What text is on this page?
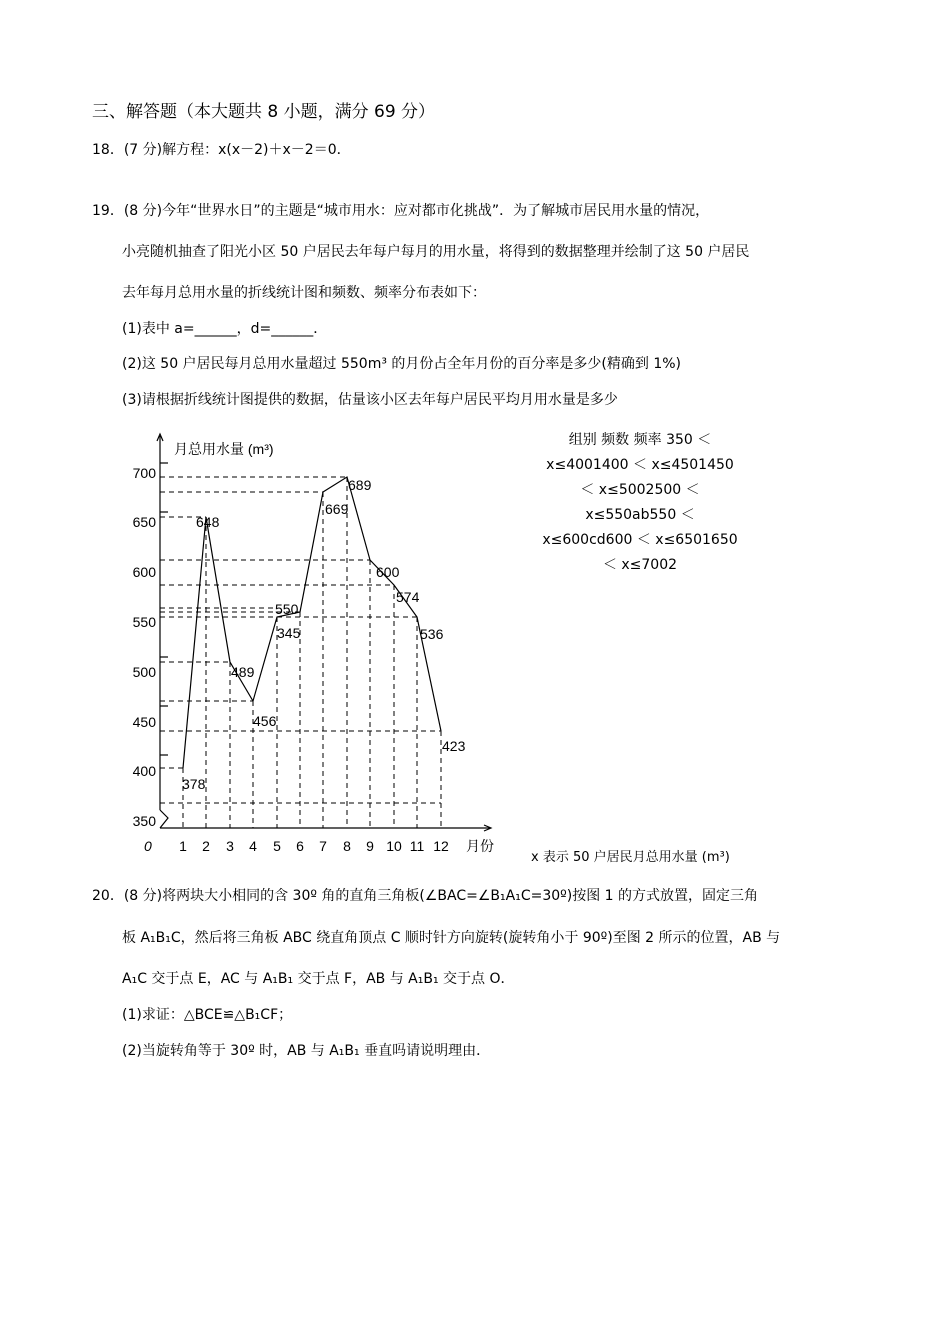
三、解答题（本大题共 8 小题，满分 69 分）
18．(7 分)解方程：x(x－2)＋x－2＝0．
19．(8 分)今年“世界水日”的主题是“城市用水：应对都市化挑战”．为了解城市居民用水量的情况，
小亮随机抽查了阳光小区 50 户居民去年每户每月的用水量，将得到的数据整理并绘制了这 50 户居民
去年每月总用水量的折线统计图和频数、频率分布表如下：
(1)表中 a=______，d=______．
(2)这 50 户居民每月总用水量超过 550m³ 的月份占全年月份的百分率是多少(精确到 1%)
(3)请根据折线统计图提供的数据，估量该小区去年每户居民平均月用水量是多少
月总用水量 (m³)
月份
0
350
400
450
500
550
600
650
700
1 2 3 4 5 6 7 8 9 10 11 12
378
648
489
456
550
345
669
689
600
574
536
423
组别 频数 频率 350 ＜
x≤4001400 ＜ x≤4501450
＜ x≤5002500 ＜
x≤550ab550 ＜
x≤600cd600 ＜ x≤6501650
＜ x≤7002
x 表示 50 户居民月总用水量 (m³)
20．(8 分)将两块大小相同的含 30º 角的直角三角板(∠BAC=∠B₁A₁C=30º)按图 1 的方式放置，固定三角
板 A₁B₁C，然后将三角板 ABC 绕直角顶点 C 顺时针方向旋转(旋转角小于 90º)至图 2 所示的位置，AB 与
A₁C 交于点 E，AC 与 A₁B₁ 交于点 F，AB 与 A₁B₁ 交于点 O．
(1)求证：△BCE≌△B₁CF；
(2)当旋转角等于 30º 时，AB 与 A₁B₁ 垂直吗请说明理由．
